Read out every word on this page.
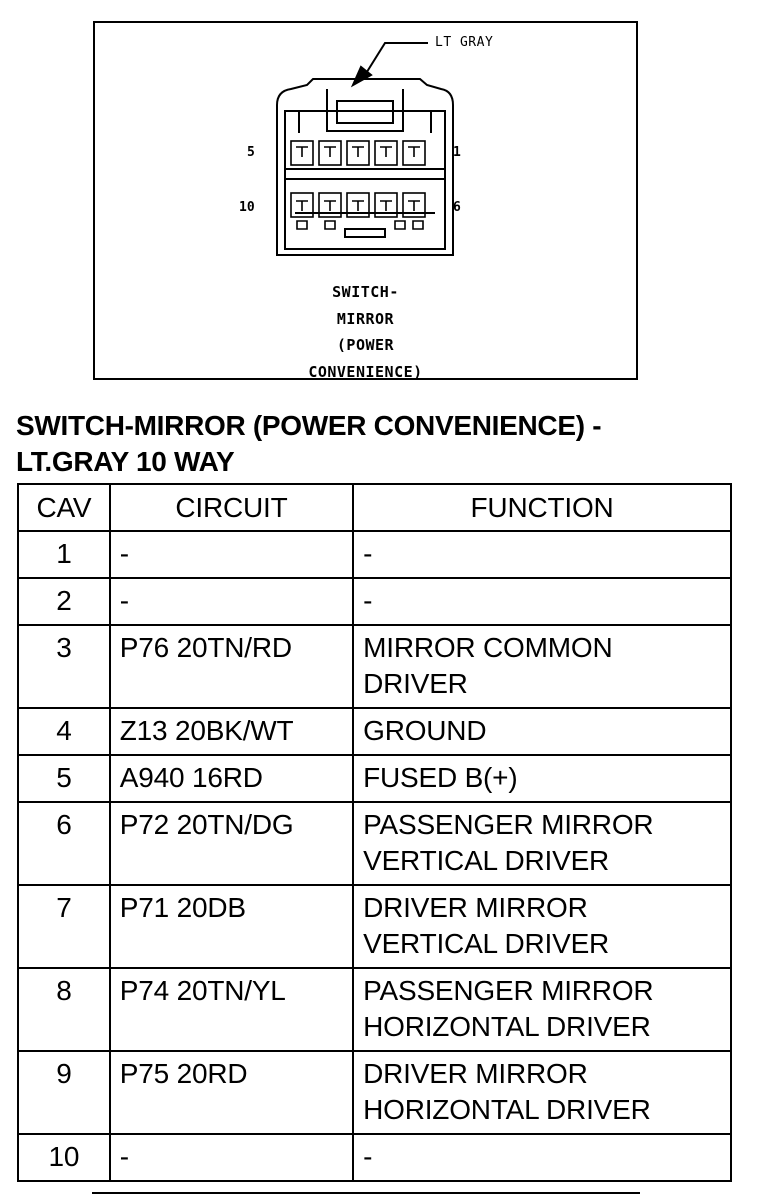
LT GRAY
5	1
10	6
SWITCH-
MIRROR
(POWER
CONVENIENCE)
SWITCH-MIRROR (POWER CONVENIENCE) -
LT.GRAY 10 WAY
CAV	CIRCUIT	FUNCTION
1	-	-

2	-	-

3	P76 20TN/RD	MIRROR COMMON
DRIVER

4	Z13 20BK/WT	GROUND

5	A940 16RD	FUSED B(+)

6	P72 20TN/DG	PASSENGER MIRROR
VERTICAL DRIVER

7	P71 20DB	DRIVER MIRROR
VERTICAL DRIVER

8	P74 20TN/YL	PASSENGER MIRROR
HORIZONTAL DRIVER

9	P75 20RD	DRIVER MIRROR
HORIZONTAL DRIVER

10	-	-
